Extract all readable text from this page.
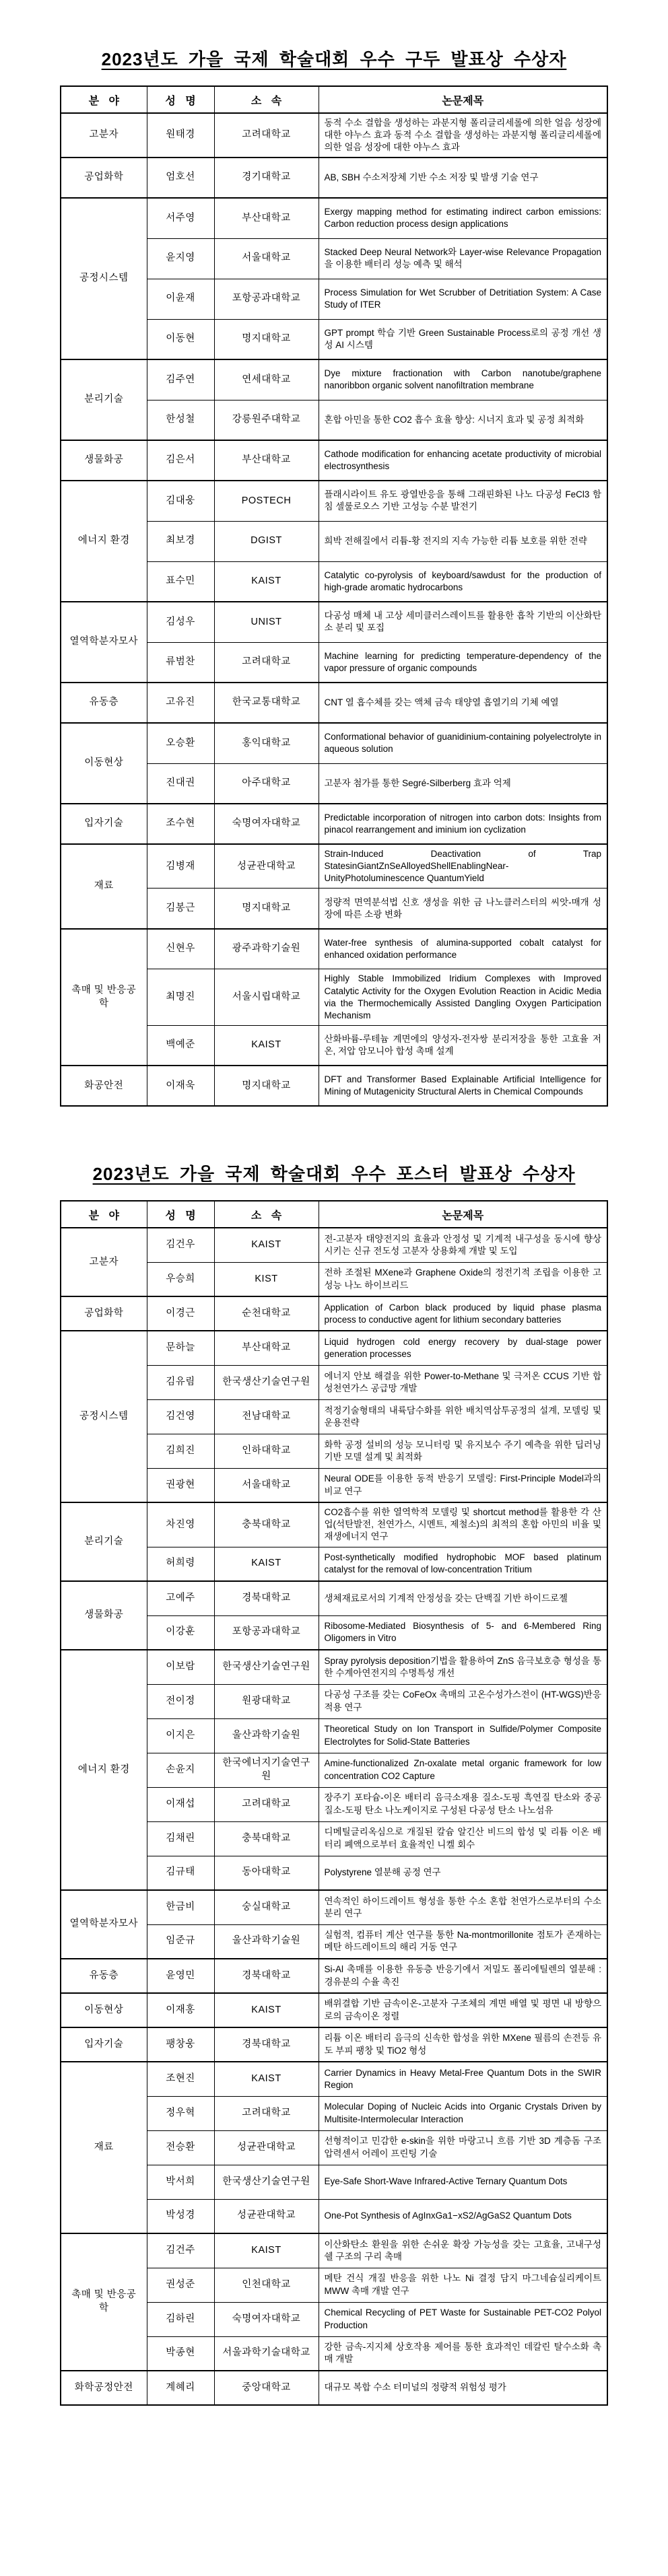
2023년도 가을 국제 학술대회 우수 구두 발표상 수상자
분 야	성 명	소 속	논문제목
고분자	원태경	고려대학교	동적 수소 결합을 생성하는 과분지형 폴리글리세롤에 의한 얼음 성장에 대한 야누스 효과 동적 수소 결합을 생성하는 과분지형 폴리글리세롤에 의한 얼음 성장에 대한 야누스 효과
공업화학	엄호선	경기대학교	AB, SBH 수소저장체 기반 수소 저장 및 발생 기술 연구
공정시스템	서주영	부산대학교	Exergy mapping method for estimating indirect carbon emissions: Carbon reduction process design applications
	윤지영	서울대학교	Stacked Deep Neural Network와 Layer-wise Relevance Propagation을 이용한 배터리 성능 예측 및 해석
	이윤재	포항공과대학교	Process Simulation for Wet Scrubber of Detritiation System: A Case Study of ITER
	이동현	명지대학교	GPT prompt 학습 기반 Green Sustainable Process로의 공정 개선 생성 AI 시스템
분리기술	김주연	연세대학교	Dye mixture fractionation with Carbon nanotube/graphene nanoribbon organic solvent nanofiltration membrane
	한성철	강릉원주대학교	혼합 아민을 통한 CO2 흡수 효율 향상: 시너지 효과 및 공정 최적화
생물화공	김은서	부산대학교	Cathode modification for enhancing acetate productivity of microbial electrosynthesis
에너지 환경	김대웅	POSTECH	플래시라이트 유도 광열반응을 통해 그래핀화된 나노 다공성 FeCl3 함침 셀룰로오스 기반 고성능 수분 발전기
	최보경	DGIST	희박 전해질에서 리튬-황 전지의 지속 가능한 리튬 보호를 위한 전략
	표수민	KAIST	Catalytic co-pyrolysis of keyboard/sawdust for the production of high-grade aromatic hydrocarbons
열역학분자모사	김성우	UNIST	다공성 매체 내 고상 세미클러스레이트를 활용한 흡착 기반의 이산화탄소 분리 및 포집
	류범찬	고려대학교	Machine learning for predicting temperature-dependency of the vapor pressure of organic compounds
유동층	고유진	한국교통대학교	CNT 열 흡수체를 갖는 액체 금속 태양열 흡열기의 기체 예열
이동현상	오승환	홍익대학교	Conformational behavior of guanidinium-containing polyelectrolyte in aqueous solution
	진대권	아주대학교	고분자 첨가를 통한 Segré-Silberberg 효과 억제
입자기술	조수현	숙명여자대학교	Predictable incorporation of nitrogen into carbon dots: Insights from pinacol rearrangement and iminium ion cyclization
재료	김병재	성균관대학교	Strain-Induced Deactivation of Trap StatesinGiantZnSeAlloyedShellEnablingNear-UnityPhotoluminescence QuantumYield
	김봉근	명지대학교	정량적 면역분석법 신호 생성을 위한 금 나노클러스터의 씨앗-매개 성장에 따른 소광 변화
촉매 및 반응공학	신현우	광주과학기술원	Water-free synthesis of alumina-supported cobalt catalyst for enhanced oxidation performance
	최명진	서울시립대학교	Highly Stable Immobilized Iridium Complexes with Improved Catalytic Activity for the Oxygen Evolution Reaction in Acidic Media via the Thermochemically Assisted Dangling Oxygen Participation Mechanism
	백예준	KAIST	산화바륨-루테늄 계면에의 양성자-전자쌍 분리저장을 통한 고효율 저온, 저압 암모니아 합성 촉매 설계
화공안전	이재욱	명지대학교	DFT and Transformer Based Explainable Artificial Intelligence for Mining of Mutagenicity Structural Alerts in Chemical Compounds
2023년도 가을 국제 학술대회 우수 포스터 발표상 수상자
분 야	성 명	소 속	논문제목
고분자	김건우	KAIST	전-고분자 태양전지의 효율과 안정성 및 기계적 내구성을 동시에 향상시키는 신규 전도성 고분자 상용화제 개발 및 도입
	우승희	KIST	전하 조절된 MXene과 Graphene Oxide의 정전기적 조립을 이용한 고성능 나노 하이브리드
공업화학	이경근	순천대학교	Application of Carbon black produced by liquid phase plasma process to conductive agent for lithium secondary batteries
공정시스템	문하늘	부산대학교	Liquid hydrogen cold energy recovery by dual-stage power generation processes
	김유림	한국생산기술연구원	에너지 안보 해결을 위한 Power-to-Methane 및 극저온 CCUS 기반 합성천연가스 공급망 개발
	김건영	전남대학교	적정기술형태의 내륙담수화를 위한 배치역삼투공정의 설계, 모델링 및 운용전략
	김희진	인하대학교	화학 공정 설비의 성능 모니터링 및 유지보수 주기 예측을 위한 딥러닝 기반 모델 설계 및 최적화
	권광현	서울대학교	Neural ODE를 이용한 동적 반응기 모델링: First-Principle Model과의 비교 연구
분리기술	차진영	충북대학교	CO2흡수를 위한 열역학적 모델링 및 shortcut method를 활용한 각 산업(석탄발전, 천연가스, 시멘트, 제철소)의 최적의 혼합 아민의 비율 및 재생에너지 연구
	허희령	KAIST	Post-synthetically modified hydrophobic MOF based platinum catalyst for the removal of low-concentration Tritium
생물화공	고예주	경북대학교	생체재료로서의 기계적 안정성을 갖는 단백질 기반 하이드로젤
	이강훈	포항공과대학교	Ribosome-Mediated Biosynthesis of 5- and 6-Membered Ring Oligomers in Vitro
에너지 환경	이보람	한국생산기술연구원	Spray pyrolysis deposition기법을 활용하여 ZnS 음극보호층 형성을 통한 수계아연전지의 수명특성 개선
	전이정	원광대학교	다공성 구조를 갖는 CoFeOx 촉매의 고온수성가스전이 (HT-WGS)반응 적용 연구
	이지은	울산과학기술원	Theoretical Study on Ion Transport in Sulfide/Polymer Composite Electrolytes for Solid-State Batteries
	손윤지	한국에너지기술연구원	Amine-functionalized Zn-oxalate metal organic framework for low concentration CO2 Capture
	이재섭	고려대학교	장주기 포타슘-이온 배터리 음극소재용 질소-도핑 흑연질 탄소와 중공 질소-도핑 탄소 나노케이지로 구성된 다공성 탄소 나노섬유
	김채린	충북대학교	디메틸글리옥심으로 개질된 칼슘 알긴산 비드의 합성 및 리튬 이온 배터리 폐액으로부터 효율적인 니켈 회수
	김규태	동아대학교	Polystyrene 열분해 공정 연구
열역학분자모사	한금비	숭실대학교	연속적인 하이드레이트 형성을 통한 수소 혼합 천연가스로부터의 수소 분리 연구
	임준규	울산과학기술원	실험적, 컴퓨터 계산 연구를 통한 Na-montmorillonite 점토가 존재하는 메탄 하드레이트의 해리 거동 연구
유동층	윤영민	경북대학교	Si-Al 촉매를 이용한 유동층 반응기에서 저밀도 폴리에틸렌의 열분해 : 경유분의 수율 촉진
이동현상	이재홍	KAIST	배위결합 기반 금속이온-고분자 구조체의 계면 배열 및 평면 내 방향으로의 금속이온 정렬
입자기술	팽창웅	경북대학교	리튬 이온 배터리 음극의 신속한 합성을 위한 MXene 필름의 손전등 유도 부피 팽창 및 TiO2 형성
재료	조현진	KAIST	Carrier Dynamics in Heavy Metal-Free Quantum Dots in the SWIR Region
	정우혁	고려대학교	Molecular Doping of Nucleic Acids into Organic Crystals Driven by Multisite-Intermolecular Interaction
	전승환	성균관대학교	선형적이고 민감한 e-skin을 위한 마랑고니 흐름 기반 3D 계층돔 구조 압력센서 어레이 프린팅 기술
	박서희	한국생산기술연구원	Eye-Safe Short-Wave Infrared-Active Ternary Quantum Dots
	박성경	성균관대학교	One-Pot Synthesis of AgInxGa1−xS2/AgGaS2 Quantum Dots
촉매 및 반응공학	김건주	KAIST	이산화탄소 환원을 위한 손쉬운 확장 가능성을 갖는 고효율, 고내구성 쉘 구조의 구리 촉매
	권성준	인천대학교	메탄 건식 개질 반응을 위한 나노 Ni 결정 담지 마그네슘실리케이트 MWW 촉매 개발 연구
	김하린	숙명여자대학교	Chemical Recycling of PET Waste for Sustainable PET-CO2 Polyol Production
	박종현	서울과학기술대학교	강한 금속-지지체 상호작용 제어를 통한 효과적인 데칼린 탈수소화 촉매 개발
화학공정안전	계혜리	중앙대학교	대규모 복합 수소 터미널의 정량적 위험성 평가
